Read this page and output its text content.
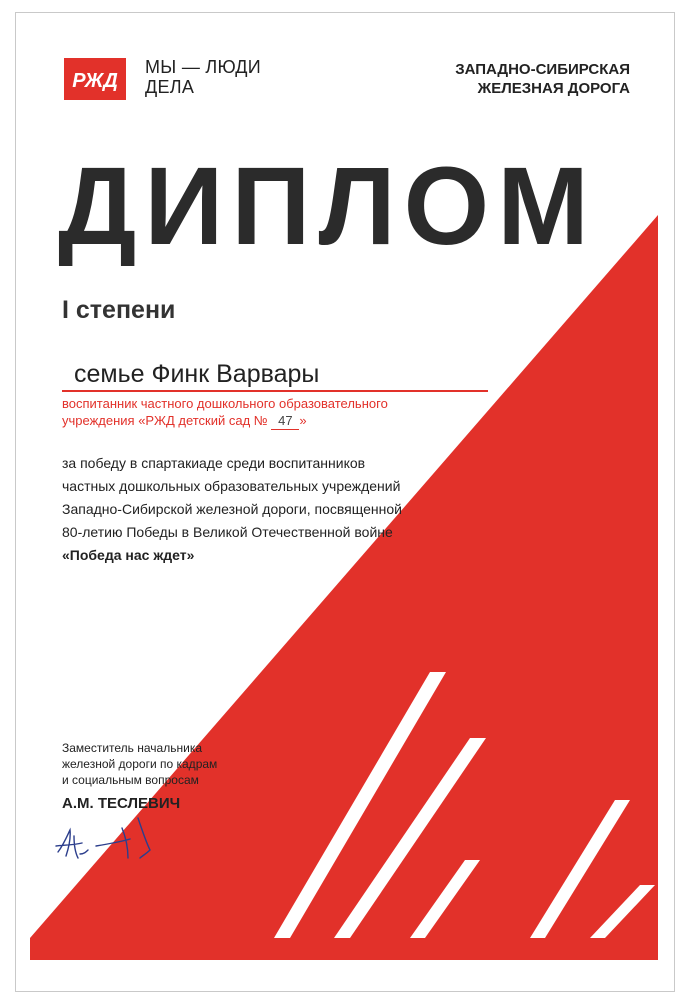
РЖД
МЫ — ЛЮДИ
ДЕЛА
ЗАПАДНО-СИБИРСКАЯ
ЖЕЛЕЗНАЯ ДОРОГА
ДИПЛОМ
I степени
семье Финк Варвары
воспитанник частного дошкольного образовательного
учреждения «РЖД детский сад № 47 »
за победу в спартакиаде среди воспитанников
частных дошкольных образовательных учреждений
Западно-Сибирской железной дороги, посвященной
80-летию Победы в Великой Отечественной войне
«Победа нас ждет»
Заместитель начальника
железной дороги по кадрам
и социальным вопросам
А.М. ТЕСЛЕВИЧ
